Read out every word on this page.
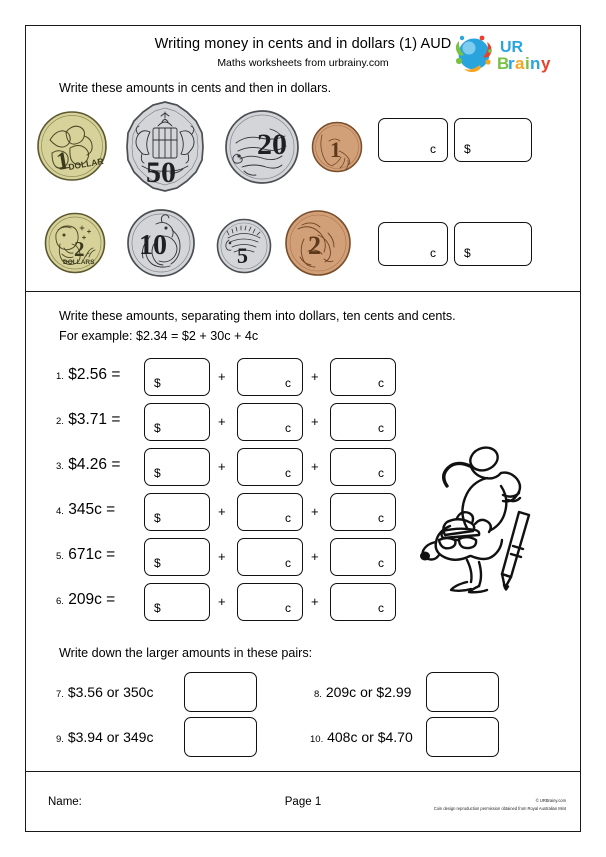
Writing money in cents and in dollars (1) AUD
Maths worksheets from urbrainy.com
UR
B
r a i n y
Write these amounts in cents and then in dollars.
1
DOLLAR 50
20 1	c $
2
DOLLARS
10	5 2	c $
Write these amounts, separating them into dollars, ten cents and cents.
For example: $2.34 = $2 + 30c + 4c
1. $2.56 =	$	+	c +	c
2. $3.71 =	$	+	c +	c
3. $4.26 =	$	+	c +	c
4. 345c =	$	+	c +	c
5. 671c =	$	+	c +	c
6. 209c =	$	+	c +	c
Write down the larger amounts in these pairs:
7. $3.56 or 350c	8. 209c or $2.99
9. $3.94 or 349c	10. 408c or $4.70
Name:	Page 1	© URBrainy.com
Coin design reproduction permission obtained from Royal Australian Mint
